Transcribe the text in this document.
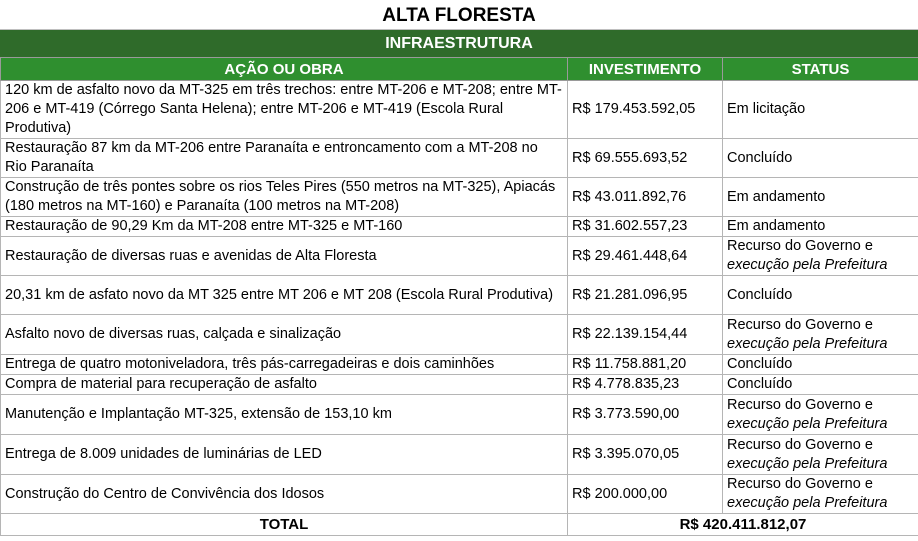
ALTA FLORESTA
INFRAESTRUTURA
AÇÃO OU OBRA	INVESTIMENTO	STATUS
120 km de asfalto novo da MT-325 em três trechos: entre MT-206 e MT-208; entre MT-206 e MT-419 (Córrego Santa Helena); entre MT-206 e MT-419 (Escola Rural Produtiva)	R$ 179.453.592,05	Em licitação

Restauração 87 km da MT-206 entre Paranaíta e entroncamento com a MT-208 no Rio Paranaíta	R$ 69.555.693,52	Concluído

Construção de três pontes sobre os rios Teles Pires (550 metros na MT-325), Apiacás (180 metros na MT-160) e Paranaíta (100 metros na MT-208)	R$ 43.011.892,76	Em andamento

Restauração de 90,29 Km da MT-208 entre MT-325 e MT-160	R$ 31.602.557,23	Em andamento

Restauração de diversas ruas e avenidas de Alta Floresta	R$ 29.461.448,64	Recurso do Governo e
execução pela Prefeitura

20,31 km de asfato novo da MT 325 entre MT 206 e MT 208 (Escola Rural Produtiva)	R$ 21.281.096,95	Concluído

Asfalto novo de diversas ruas, calçada e sinalização	R$ 22.139.154,44	Recurso do Governo e
execução pela Prefeitura

Entrega de quatro motoniveladora, três pás-carregadeiras e dois caminhões	R$ 11.758.881,20	Concluído

Compra de material para recuperação de asfalto	R$ 4.778.835,23	Concluído

Manutenção e Implantação MT-325, extensão de 153,10 km	R$ 3.773.590,00	Recurso do Governo e
execução pela Prefeitura

Entrega de 8.009 unidades de luminárias de LED	R$ 3.395.070,05	Recurso do Governo e
execução pela Prefeitura

Construção do Centro de Convivência dos Idosos	R$ 200.000,00	Recurso do Governo e
execução pela Prefeitura

TOTAL	R$ 420.411.812,07	
